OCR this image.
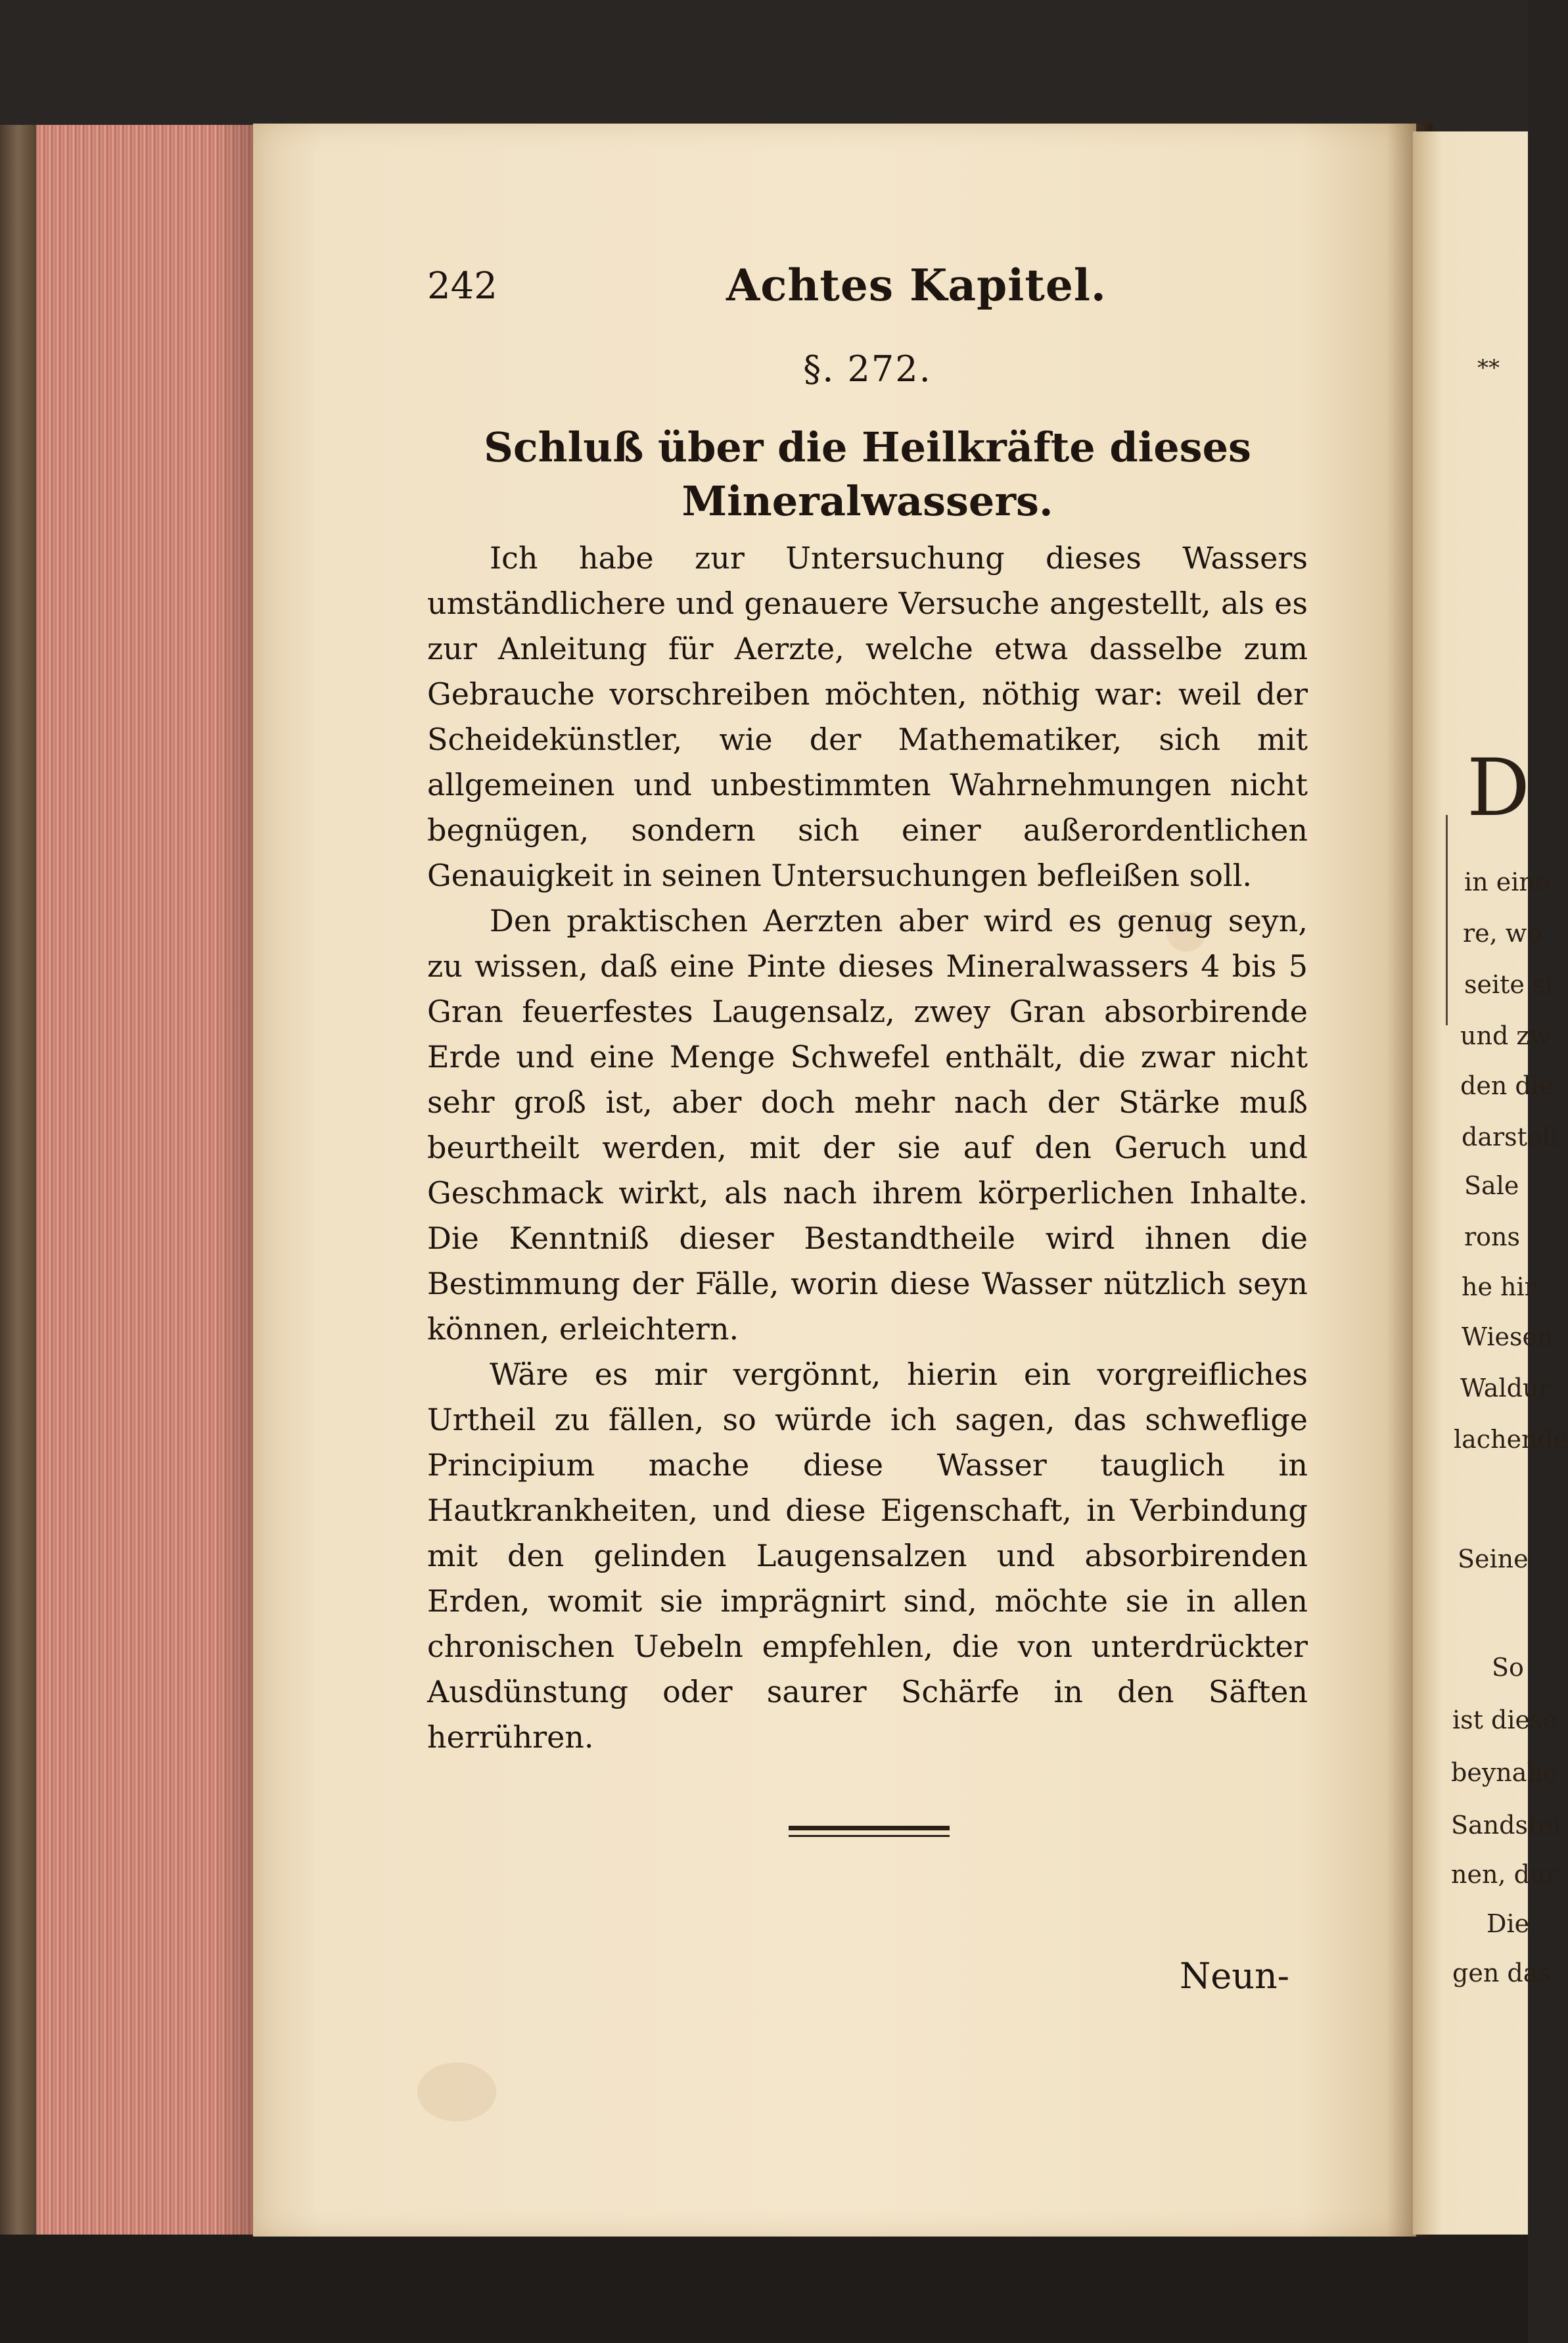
**
D
in eine
re, wo
seite si
und zw
den die
darstell
Sale
rons
he hir
Wiesen
Waldur
lachende
Seine
So
ist diese
beynahe
Sandstei
nen, dur
Die
gen das
242	Achtes Kapitel.
§. 272.
Schluß über die Heilkräfte dieses Mineralwassers.

Ich habe zur Untersuchung dieses Wassers umständlichere und genauere Versuche angestellt, als es zur Anleitung für Aerzte, welche etwa dasselbe zum Gebrauche vorschreiben möchten, nöthig war: weil der Scheidekünstler, wie der Mathematiker, sich mit allgemeinen und unbestimmten Wahrnehmungen nicht begnügen, sondern sich einer außerordentlichen Genauigkeit in seinen Untersuchungen befleißen soll.

Den praktischen Aerzten aber wird es genug seyn, zu wissen, daß eine Pinte dieses Mineralwassers 4 bis 5 Gran feuerfestes Laugensalz, zwey Gran absorbirende Erde und eine Menge Schwefel enthält, die zwar nicht sehr groß ist, aber doch mehr nach der Stärke muß beurtheilt werden, mit der sie auf den Geruch und Geschmack wirkt, als nach ihrem körperlichen Inhalte. Die Kenntniß dieser Bestandtheile wird ihnen die Bestimmung der Fälle, worin diese Wasser nützlich seyn können, erleichtern.

Wäre es mir vergönnt, hierin ein vorgreifliches Urtheil zu fällen, so würde ich sagen, das schweflige Principium mache diese Wasser tauglich in Hautkrankheiten, und diese Eigenschaft, in Verbindung mit den gelinden Laugensalzen und absorbirenden Erden, womit sie imprägnirt sind, möchte sie in allen chronischen Uebeln empfehlen, die von unterdrückter Ausdünstung oder saurer Schärfe in den Säften herrühren.

Neun-
